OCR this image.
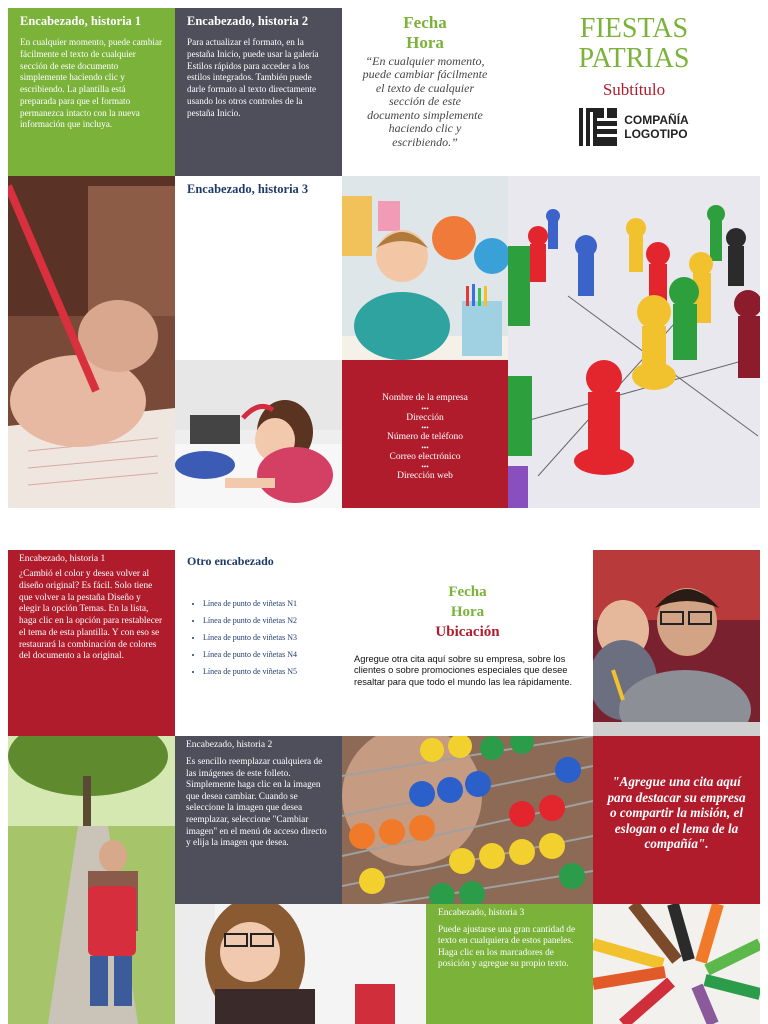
Encabezado, historia 1

En cualquier momento, puede cambiar fácilmente el texto de cualquier sección de este documento simplemente haciendo clic y escribiendo. La plantilla está preparada para que el formato permanezca intacto con la nueva información que incluya.

Encabezado, historia 2

Para actualizar el formato, en la pestaña Inicio, puede usar la galería Estilos rápidos para acceder a los estilos integrados. También puede darle formato al texto directamente usando los otros controles de la pestaña Inicio.

Fecha
Hora

“En cualquier momento, puede cambiar fácilmente el texto de cualquier sección de este documento simplemente haciendo clic y escribiendo.”

FIESTAS
PATRIAS
Subtítulo
COMPAÑÍA
LOGOTIPO
Encabezado, historia 3
Nombre de la empresa
•••
Dirección
•••
Número de teléfono
•••
Correo electrónico
•••
Dirección web
Encabezado, historia 1

¿Cambió el color y desea volver al diseño original? Es fácil. Solo tiene que volver a la pestaña Diseño y elegir la opción Temas. En la lista, haga clic en la opción para restablecer el tema de esta plantilla. Y con eso se restaurará la combinación de colores del documento a la original.

Otro encabezado
• Línea de punto de viñetas N1
• Línea de punto de viñetas N2
• Línea de punto de viñetas N3
• Línea de punto de viñetas N4
• Línea de punto de viñetas N5
Fecha
Hora
Ubicación

Agregue otra cita aquí sobre su empresa, sobre los clientes o sobre promociones especiales que desee resaltar para que todo el mundo las lea rápidamente.

Encabezado, historia 2

Es sencillo reemplazar cualquiera de las imágenes de este folleto. Simplemente haga clic en la imagen que desea cambiar. Cuando se seleccione la imagen que desea reemplazar, seleccione "Cambiar imagen" en el menú de acceso directo y elija la imagen que desea.

"Agregue una cita aquí para destacar su empresa o compartir la misión, el eslogan o el lema de la compañía".

Encabezado, historia 3

Puede ajustarse una gran cantidad de texto en cualquiera de estos paneles. Haga clic en los marcadores de posición y agregue su propio texto.
